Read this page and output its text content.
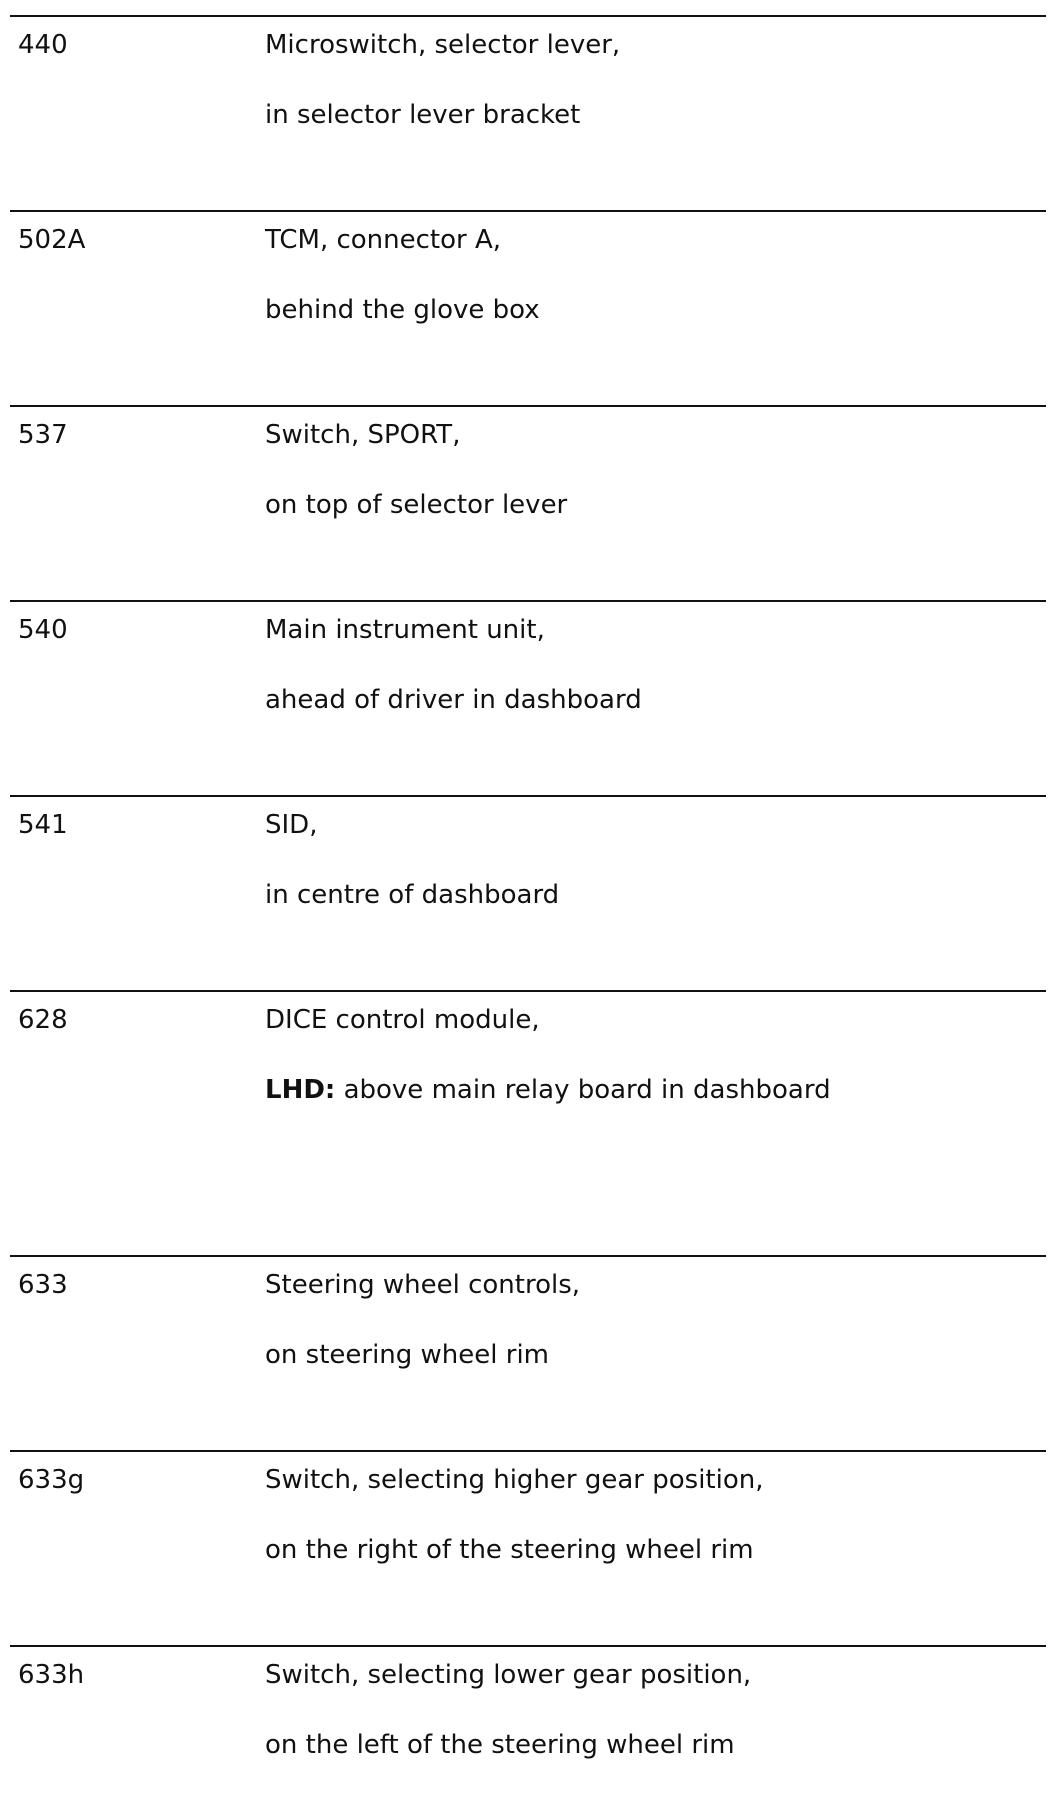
440	Microswitch, selector lever,
in selector lever bracket
502A	TCM, connector A,
behind the glove box
537	Switch, SPORT,
on top of selector lever
540	Main instrument unit,
ahead of driver in dashboard
541	SID,
in centre of dashboard
628	DICE control module,
LHD: above main relay board in dashboard
633	Steering wheel controls,
on steering wheel rim
633g	Switch, selecting higher gear position,
on the right of the steering wheel rim
633h	Switch, selecting lower gear position,
on the left of the steering wheel rim
